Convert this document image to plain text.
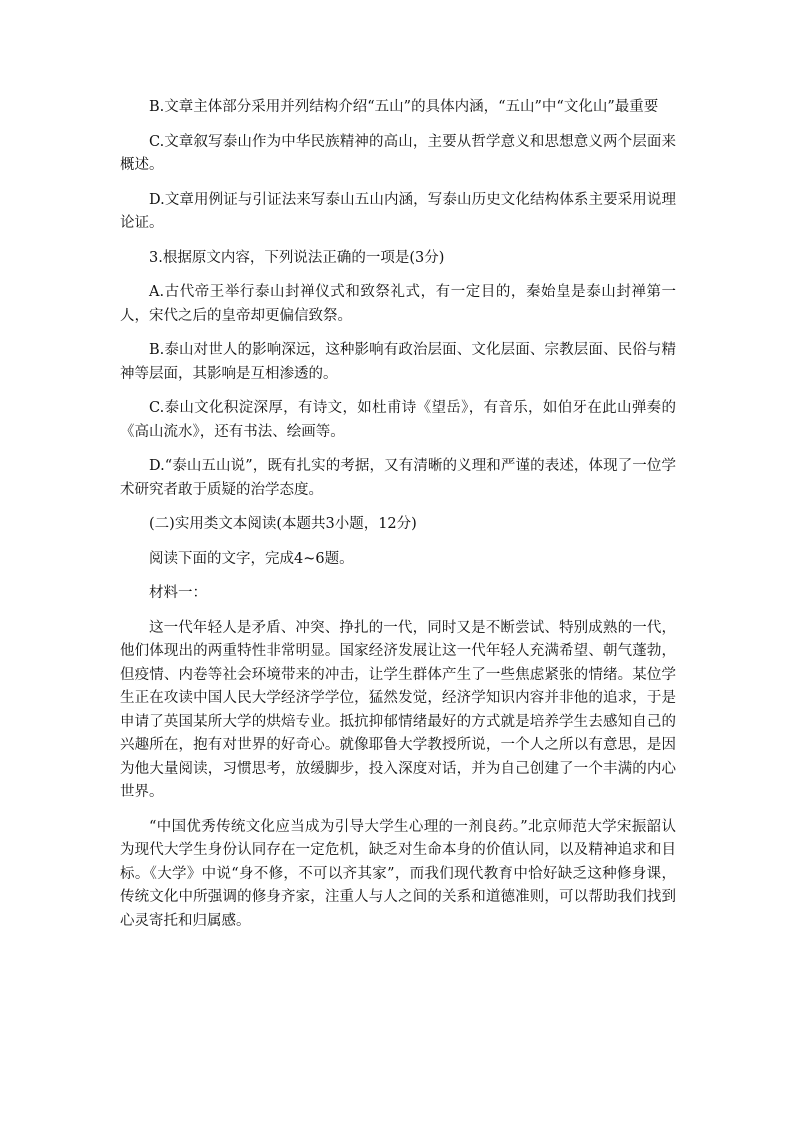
B.文章主体部分采用并列结构介绍“五山”的具体内涵，“五山”中“文化山”最重要

C.文章叙写泰山作为中华民族精神的高山，主要从哲学意义和思想意义两个层面来概述。

D.文章用例证与引证法来写泰山五山内涵，写泰山历史文化结构体系主要采用说理论证。

3.根据原文内容，下列说法正确的一项是(3分)

A.古代帝王举行泰山封禅仪式和致祭礼式，有一定目的，秦始皇是泰山封禅第一人，宋代之后的皇帝却更偏信致祭。

B.泰山对世人的影响深远，这种影响有政治层面、文化层面、宗教层面、民俗与精神等层面，其影响是互相渗透的。

C.泰山文化积淀深厚，有诗文，如杜甫诗《望岳》，有音乐，如伯牙在此山弹奏的《高山流水》，还有书法、绘画等。

D.“泰山五山说”，既有扎实的考据，又有清晰的义理和严谨的表述，体现了一位学术研究者敢于质疑的治学态度。

(二)实用类文本阅读(本题共3小题，12分)

阅读下面的文字，完成4~6题。

材料一：

这一代年轻人是矛盾、冲突、挣扎的一代，同时又是不断尝试、特别成熟的一代，他们体现出的两重特性非常明显。国家经济发展让这一代年轻人充满希望、朝气蓬勃，但疫情、内卷等社会环境带来的冲击，让学生群体产生了一些焦虑紧张的情绪。某位学生正在攻读中国人民大学经济学学位，猛然发觉，经济学知识内容并非他的追求，于是申请了英国某所大学的烘焙专业。抵抗抑郁情绪最好的方式就是培养学生去感知自己的兴趣所在，抱有对世界的好奇心。就像耶鲁大学教授所说，一个人之所以有意思，是因为他大量阅读，习惯思考，放缓脚步，投入深度对话，并为自己创建了一个丰满的内心世界。

“中国优秀传统文化应当成为引导大学生心理的一剂良药。”北京师范大学宋振韶认为现代大学生身份认同存在一定危机，缺乏对生命本身的价值认同，以及精神追求和目标。《大学》中说“身不修，不可以齐其家”，而我们现代教育中恰好缺乏这种修身课，传统文化中所强调的修身齐家，注重人与人之间的关系和道德准则，可以帮助我们找到心灵寄托和归属感。
